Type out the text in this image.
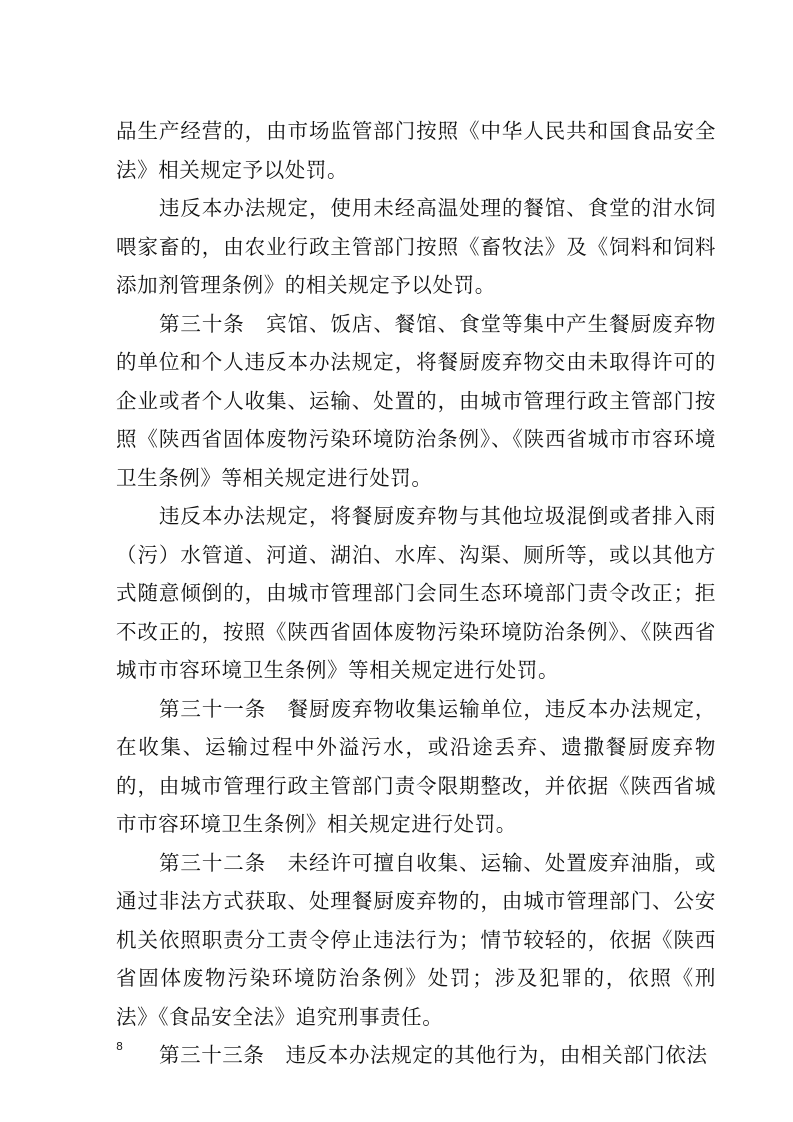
品生产经营的，由市场监管部门按照《中华人民共和国食品安全法》相关规定予以处罚。

违反本办法规定，使用未经高温处理的餐馆、食堂的泔水饲喂家畜的，由农业行政主管部门按照《畜牧法》及《饲料和饲料添加剂管理条例》的相关规定予以处罚。

第三十条　宾馆、饭店、餐馆、食堂等集中产生餐厨废弃物的单位和个人违反本办法规定，将餐厨废弃物交由未取得许可的企业或者个人收集、运输、处置的，由城市管理行政主管部门按照《陕西省固体废物污染环境防治条例》、《陕西省城市市容环境卫生条例》等相关规定进行处罚。

违反本办法规定，将餐厨废弃物与其他垃圾混倒或者排入雨（污）水管道、河道、湖泊、水库、沟渠、厕所等，或以其他方式随意倾倒的，由城市管理部门会同生态环境部门责令改正；拒不改正的，按照《陕西省固体废物污染环境防治条例》、《陕西省城市市容环境卫生条例》等相关规定进行处罚。

第三十一条　餐厨废弃物收集运输单位，违反本办法规定，在收集、运输过程中外溢污水，或沿途丢弃、遗撒餐厨废弃物的，由城市管理行政主管部门责令限期整改，并依据《陕西省城市市容环境卫生条例》相关规定进行处罚。

第三十二条　未经许可擅自收集、运输、处置废弃油脂，或通过非法方式获取、处理餐厨废弃物的，由城市管理部门、公安机关依照职责分工责令停止违法行为；情节较轻的，依据《陕西省固体废物污染环境防治条例》处罚；涉及犯罪的，依照《刑法》《食品安全法》追究刑事责任。

第三十三条　违反本办法规定的其他行为，由相关部门依法

8
